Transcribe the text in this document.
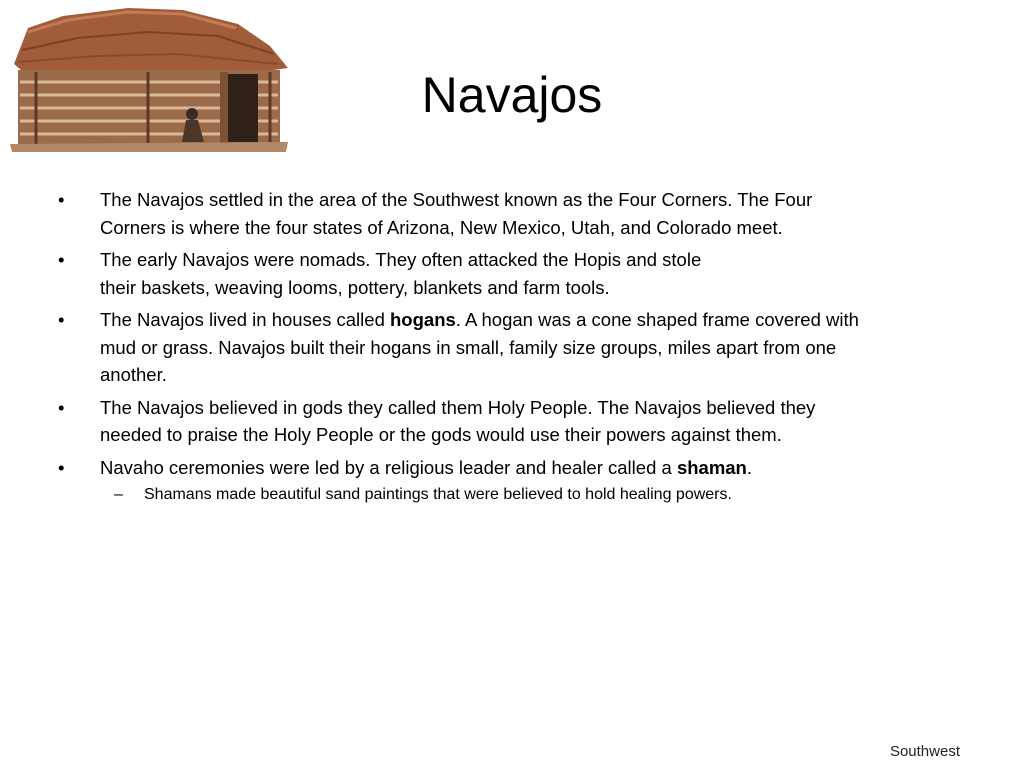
Navajos
•	The Navajos settled in the area of the Southwest known as the Four Corners. The Four
Corners is where the four states of Arizona, New Mexico, Utah, and Colorado meet.
•	The early Navajos were nomads. They often attacked the Hopis and stole
their baskets, weaving looms, pottery, blankets and farm tools.
•	The Navajos lived in houses called hogans. A hogan was a cone shaped frame covered with
mud or grass. Navajos built their hogans in small, family size groups, miles apart from one
another.
•	The Navajos believed in gods they called them Holy People. The Navajos believed they
needed to praise the Holy People or the gods would use their powers against them.
•	Navaho ceremonies were led by a religious leader and healer called a shaman.
– Shamans made beautiful sand paintings that were believed to hold healing powers.
Southwest
